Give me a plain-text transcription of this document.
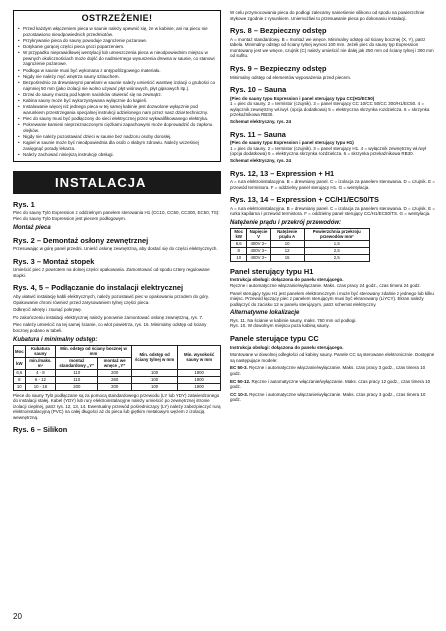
OSTRZEŻENIE!
• Przed każdym włączeniem pieca w saunie należy upewnić się, że w kabinie, ani na piecu nie pozostawiono nieodpowiednich przedmiotów.
• Przykrywanie pieca do sauny powoduje zagrożenie pożarowe.
• Dotykanie gorącej części pieca grozi poparzeniem.
• W przypadku nieprawidłowej wentylacji lub umieszczenia pieca w nieodpowiednim miejscu w pewnych okolicznościach może dojść do nadmiernego wysuszenia drewna w saunie, co stanowi zagrożenie pożarowe.
• Podłoga w saunie musi być wykonana z antypoślizgowego materiału.
• Nigdy nie należy myć wnętrza sauny szlauchem.
• Bezpośrednio za drewnianymi panelami w saunie należy umieścić warstwę izolacji o grubości co najmniej 50 mm (jako izolacji nie wolno używać płyt wiórowych, płyt gipsowych itp.).
• Drzwi do sauny muszą pod kątem nacisków otwierać się na zewnątrz.
• Kabina sauny może być wykorzystywana wyłącznie do kąpieli.
• Instalowanie więcej niż jednego pieca w tej samej kabinie jest dozwolone wyłącznie pod warunkiem przestrzegania specjalnej instrukcji udzielonego nam przez nasz dział techniczny.
• Piec do sauny musi być podłączony do sieci elektrycznej przez wykwalifikowanego elektryka.
• Pokrewanie kamieni nieprzeznaczonymi ciężkami zapachowymi może doprowadzić do zapłonu olejków.
• Nigdy nie należy pozostawiać dzieci w saunie bez nadzoru osoby dorosłej.
• Kąpiel w saunie może być nieodpowiednia dla osób o słabym zdrowiu. Należy wcześniej zasięgnąć porady lekarza.
• Należy zachować niniejszą instrukcję obsługi.
INSTALACJA
Rys. 1

Piec do sauny Tylö Expression z oddzielnym panelem sterowania H1 (CC10, CC50, CC300, EC50, TS): Piec do sauny Tylö Expression jest piecem podłogowym.

Montaż pieca
Rys. 2 – Demontaż osłony zewnętrznej

Przesuwając w górę panel przedni. Unieść osłonę zewnętrzną, aby dostać się do części elektrycznych.

Rys. 3 – Montaż stopek

Umieścić piec z powrotem na dolnej części opakowania. Zamontować od spodu cztery regulowane stopki.

Rys. 4, 5 – Podłączanie do instalacji elektrycznej

Aby ułatwić instalację kabli elektrycznych, należy pozostawić piec w opakowaniu przodem do góry. Opakowanie chroni również przed zarysowaniem tylnej części pieca.

Odkręcić wkręty i zsunąć pokrywę.

Po zakończeniu instalacji elektrycznej należy ponownie zamontować osłonę zewnętrzną, rys. 7.

Piec należy umieścić na tej samej ścianie, co wlot powietrza, rys. 16. Minimalny odstęp od ściany bocznej podano w tabeli.

Kubatura i minimalny odstęp:
Moc	Kubatura sauny	Min. odstęp od ściany bocznej w mm		Min. odstęp od ściany tylnej w mm	Min. wysokość sauny w mm
kW	min./maks. m³	montaż standardowy „Y”	montaż we wnęce „Y”		
6,6	4 - 8	110	200	100	1900
8	6 - 12	110	260	100	1900
10	10 - 18	200	200	100	1900

Piece do sauny Tylö podłączane są za pomocą standardowego przewodu (LY lub YDY) zatwierdzonego do instalacji stałej. Kabel (YDY) lub rury elektroinstalacyjne należy umieścić po zewnętrznej stronie izolacji cieplnej, patrz rys. 12, 13, 14. Ewentualny przewód pośredniczący (LY) należy zabezpieczyć rurą elektroinstalacyjną (PVC) na całej długości aż do pieca lub giętkim metalowym wężem z izolacją wewnętrzną.

Rys. 6 – Silikon

W celu przymocowania pieca do podłogi zalecamy nanieśienie silikonu od spodu na powierzchnie stykowe zgodnie z rysunkiem. Uniemożliwi to przesuwanie pieca po dokonaniu instalacji.

Rys. 8 – Bezpieczny odstęp

A = montaż standardowy. B = montaż we wnęce. Minimalny odstęp od ściany bocznej (X, Y), patrz tabela. Minimalny odstęp od ściany tylnej wynosi 100 mm. Jeżeli piec do sauny typ Expression montowany jest we wnęce, czujnik (C) należy umieścić nie dalej jak 250 mm od ściany tylnej i 300 mm od sufitu.

Rys. 9 – Bezpieczny odstęp

Minimalny odstęp od elementów wyposażenia przed piecem.

Rys. 10 – Sauna

(Piec do sauny typu Expression i panel sterujący typu CC(H1/EC50)

1 = piec do sauny. 2 = termistor (czujnik). 3 = panel sterujący CC 10/CC 50/CC 300/H1/EC50. 4 = wyłącznik zewnętrzny wł./wył. (opcja dodatkowa) 5 = elektryczna skrzynka rozdzielcza. 6 = skrzynka przekaźnikowa RB30.

Schemat elektryczny, rys. 24

Rys. 11 – Sauna

(Piec do sauny typu Expression i panel sterujący typu H1)

1 = piec do sauny. 2 = termistor (czujnik). 3 = panel sterujący H1. 4 = wyłącznik zewnętrzny wł./wył (opcja dodatkowa) 5 = elektryczna skrzynka rozdzielcza. 6 = skrzynka przekaźnikowa RB30.

Schemat elektryczny, rys. 24

Rys. 12, 13 – Expression + H1

A = rura elektroinstalacyjna. B = drewniany panel. C = izolacja za panelem sterowania. D = czujnik. E = przewód termistora. F = oddzielny panel sterujący H1. G = wentylacja.

Rys. 13, 14 – Expression + CC/H1/EC50/TS

A = rura elektroinstalacyjna. B = drewniany panel. C = izolacja za panelem sterowania. D = czujnik. E = rurka kapilarna / przewód termistora. F = oddzielny panel sterujący CC/H1/EC50/TS. G = wentylacja.

Natężenie prądu i przekrój przewodów:
Moc kW	Napięcie V	Natężenie prądu A	Powierzchnia przekroju przewodów mm²
6,6	400V 3~	10	1,5
8	400V 3~	12	2,5
10	400V 3~	15	2,5
Panel sterujący typu H1

Instrukcja obsługi: dołączona do panelu sterującego.

Ręczne i automatyczne włączanie/wyłączanie. Maks. czas pracy 24 godz., czas timera 24 godz.

Panel sterujący typu H1 jest panelem elektronicznym i może być sterowany zdalnie z jednego lub kilku miejsc. Przewód łączący piec z panelem sterującym musi być ekranowany (LiYCY). Ekran należy podłączyć do zacisku 12 w panelu sterującym, patrz schemat elektryczny.

Alternatywne lokalizacje

Rys. 11. Na ścianie w kabinie sauny, maks. 760 mm od podłogi.

Rys. 10. W dowolnym miejscu poza kabiną sauny.

Panele sterujące typu CC

Instrukcja obsługi: dołączona do panelu sterującego.

Montowane w dowolnej odległości od kabiny sauny. Panele CC są sterowane elektronicznie. Dostępne są następujące modele:

EC 50-3. Ręczne i automatyczne włączanie/wyłączanie. Maks. czas pracy 3 godz., czas timera 10 godz.

EC 50-12. Ręczne i automatyczne włączanie/wyłączanie. Maks. czas pracy 12 godz., czas timera 10 godz.

CC 10-3. Ręczne i automatyczne włączanie/wyłączanie. Maks. czas pracy 3 godz., czas timera 10 godz.

20
